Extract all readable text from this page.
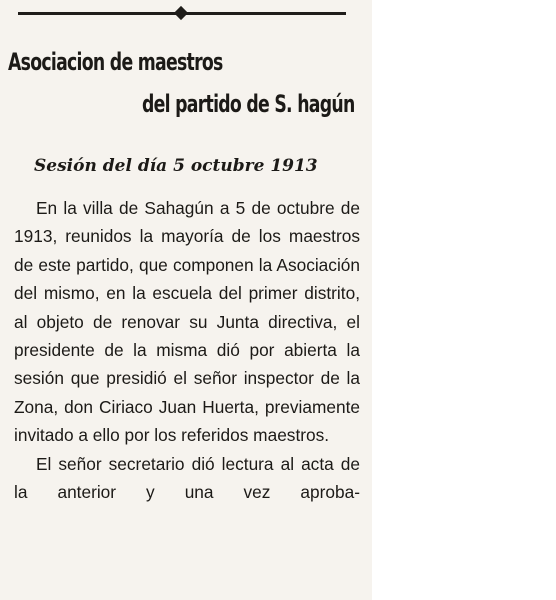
Asociacion de maestros
del partido de S. hagún
Sesión del día 5 octubre 1913

En la villa de Sahagún a 5 de octubre de 1913, reunidos la mayoría de los maestros de este partido, que componen la Asociación del mismo, en la escuela del primer distrito, al objeto de renovar su Junta directiva, el presidente de la misma dió por abierta la sesión que presidió el señor inspector de la Zona, don Ciriaco Juan Huerta, previamente invitado a ello por los referidos maestros.

El señor secretario dió lectura al acta de la anterior y una vez aproba-
